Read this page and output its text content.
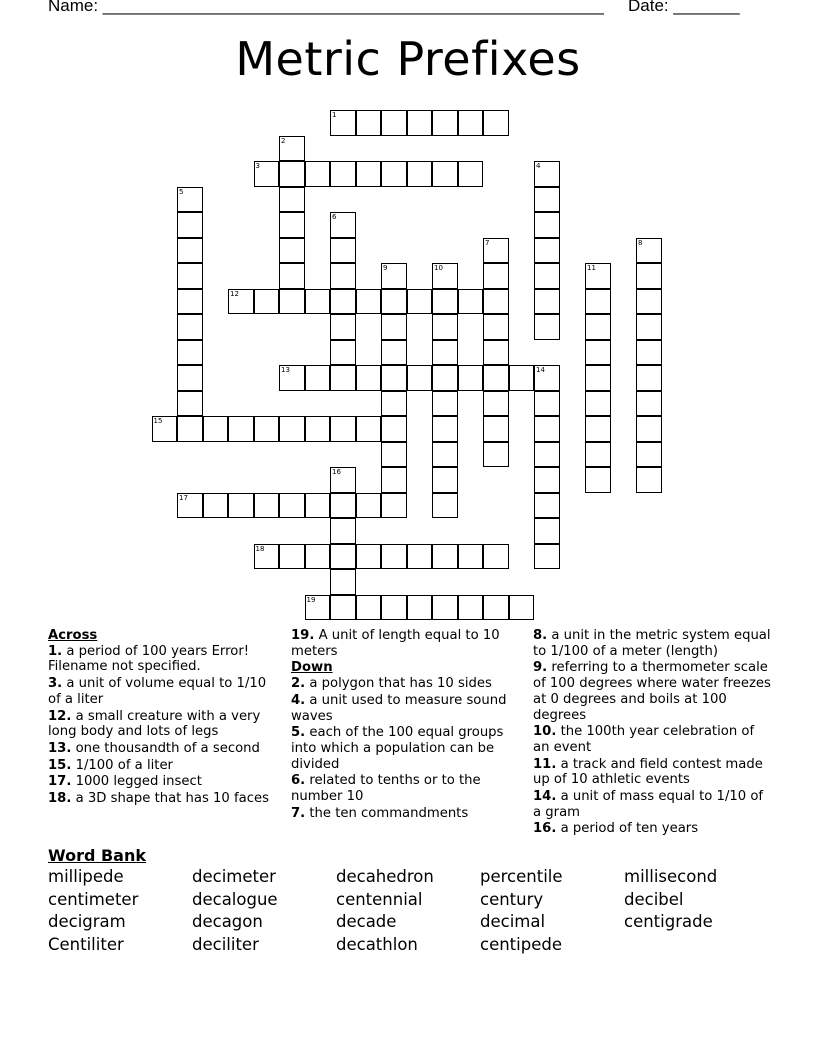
Name: _____________________________________________________ Date: _______
Metric Prefixes
1
2
3	4
5
6
7	8
9	10	11
12
13	14
15
16
17
18
19
Across
1. a period of 100 years Error! Filename not specified.
3. a unit of volume equal to 1/10 of a liter
12. a small creature with a very long body and lots of legs
13. one thousandth of a second
15. 1/100 of a liter
17. 1000 legged insect
18. a 3D shape that has 10 faces
19. A unit of length equal to 10 meters
Down
2. a polygon that has 10 sides
4. a unit used to measure sound waves
5. each of the 100 equal groups into which a population can be divided
6. related to tenths or to the number 10
7. the ten commandments
8. a unit in the metric system equal to 1/100 of a meter (length)
9. referring to a thermometer scale of 100 degrees where water freezes at 0 degrees and boils at 100 degrees
10. the 100th year celebration of an event
11. a track and field contest made up of 10 athletic events
14. a unit of mass equal to 1/10 of a gram
16. a period of ten years
Word Bank
millipede	decimeter	decahedron	percentile	millisecond
centimeter	decalogue	centennial	century	decibel
decigram	decagon	decade	decimal	centigrade
Centiliter	deciliter	decathlon	centipede
